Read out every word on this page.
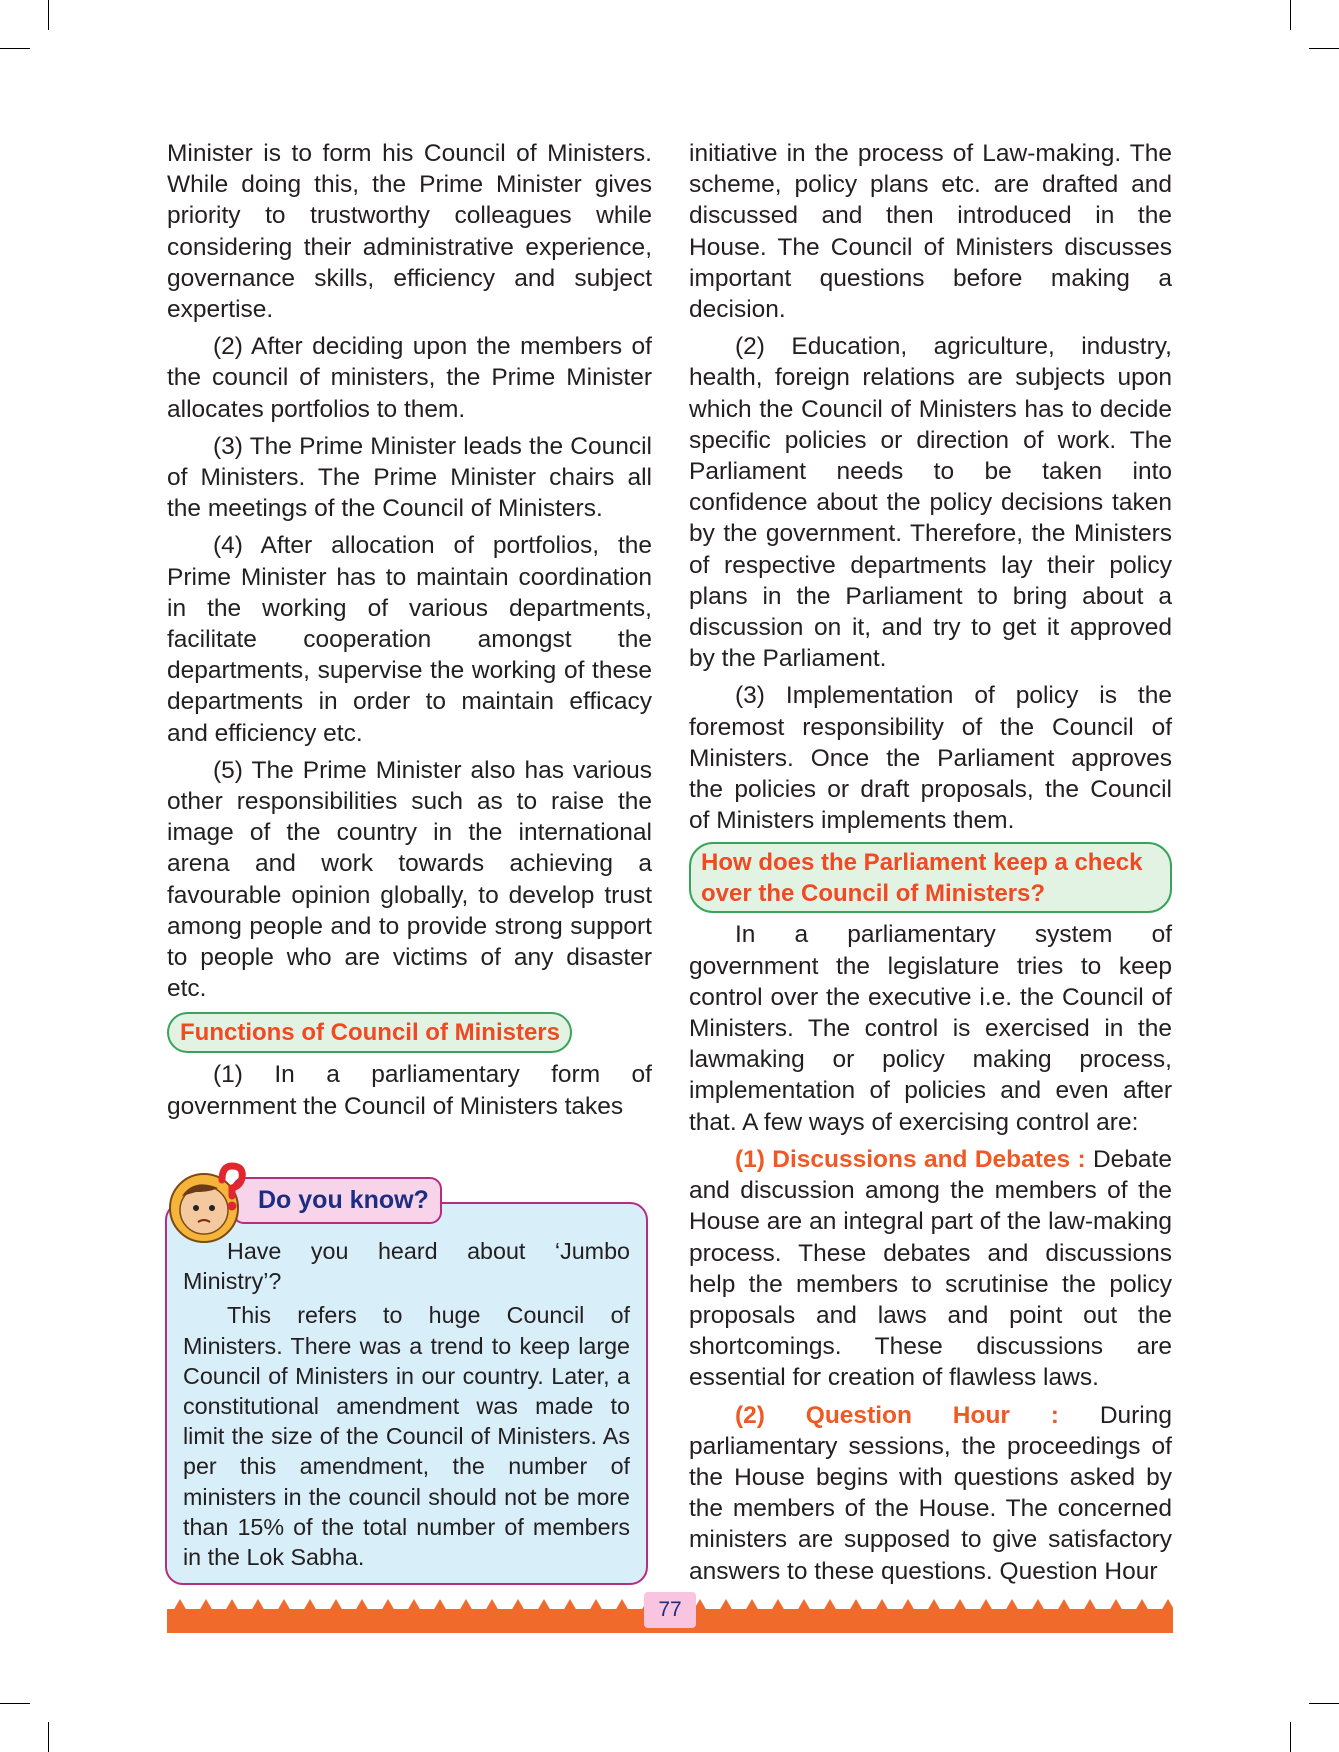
Minister is to form his Council of Ministers. While doing this, the Prime Minister gives priority to trustworthy colleagues while considering their administrative experience, governance skills, efficiency and subject expertise.

(2) After deciding upon the members of the council of ministers, the Prime Minister allocates portfolios to them.

(3) The Prime Minister leads the Council of Ministers. The Prime Minister chairs all the meetings of the Council of Ministers.

(4) After allocation of portfolios, the Prime Minister has to maintain coordination in the working of various departments, facilitate cooperation amongst the departments, supervise the working of these departments in order to maintain efficacy and efficiency etc.

(5) The Prime Minister also has various other responsibilities such as to raise the image of the country in the international arena and work towards achieving a favourable opinion globally, to develop trust among people and to provide strong support to people who are victims of any disaster etc.

Functions of Council of Ministers

(1) In a parliamentary form of government the Council of Ministers takes

Have you heard about ‘Jumbo Ministry’?

This refers to huge Council of Ministers. There was a trend to keep large Council of Ministers in our country. Later, a constitutional amendment was made to limit the size of the Council of Ministers. As per this amendment, the number of ministers in the council should not be more than 15% of the total number of members in the Lok Sabha.

Do you know?

initiative in the process of Law-making. The scheme, policy plans etc. are drafted and discussed and then introduced in the House. The Council of Ministers discusses important questions before making a decision.

(2) Education, agriculture, industry, health, foreign relations are subjects upon which the Council of Ministers has to decide specific policies or direction of work. The Parliament needs to be taken into confidence about the policy decisions taken by the government. Therefore, the Ministers of respective departments lay their policy plans in the Parliament to bring about a discussion on it, and try to get it approved by the Parliament.

(3) Implementation of policy is the foremost responsibility of the Council of Ministers. Once the Parliament approves the policies or draft proposals, the Council of Ministers implements them.

How does the Parliament keep a check over the Council of Ministers?

In a parliamentary system of government the legislature tries to keep control over the executive i.e. the Council of Ministers. The control is exercised in the lawmaking or policy making process, implementation of policies and even after that. A few ways of exercising control are:

(1) Discussions and Debates : Debate and discussion among the members of the House are an integral part of the law-making process. These debates and discussions help the members to scrutinise the policy proposals and laws and point out the shortcomings. These discussions are essential for creation of flawless laws.

(2) Question Hour : During parliamentary sessions, the proceedings of the House begins with questions asked by the members of the House. The concerned ministers are supposed to give satisfactory answers to these questions. Question Hour

77
